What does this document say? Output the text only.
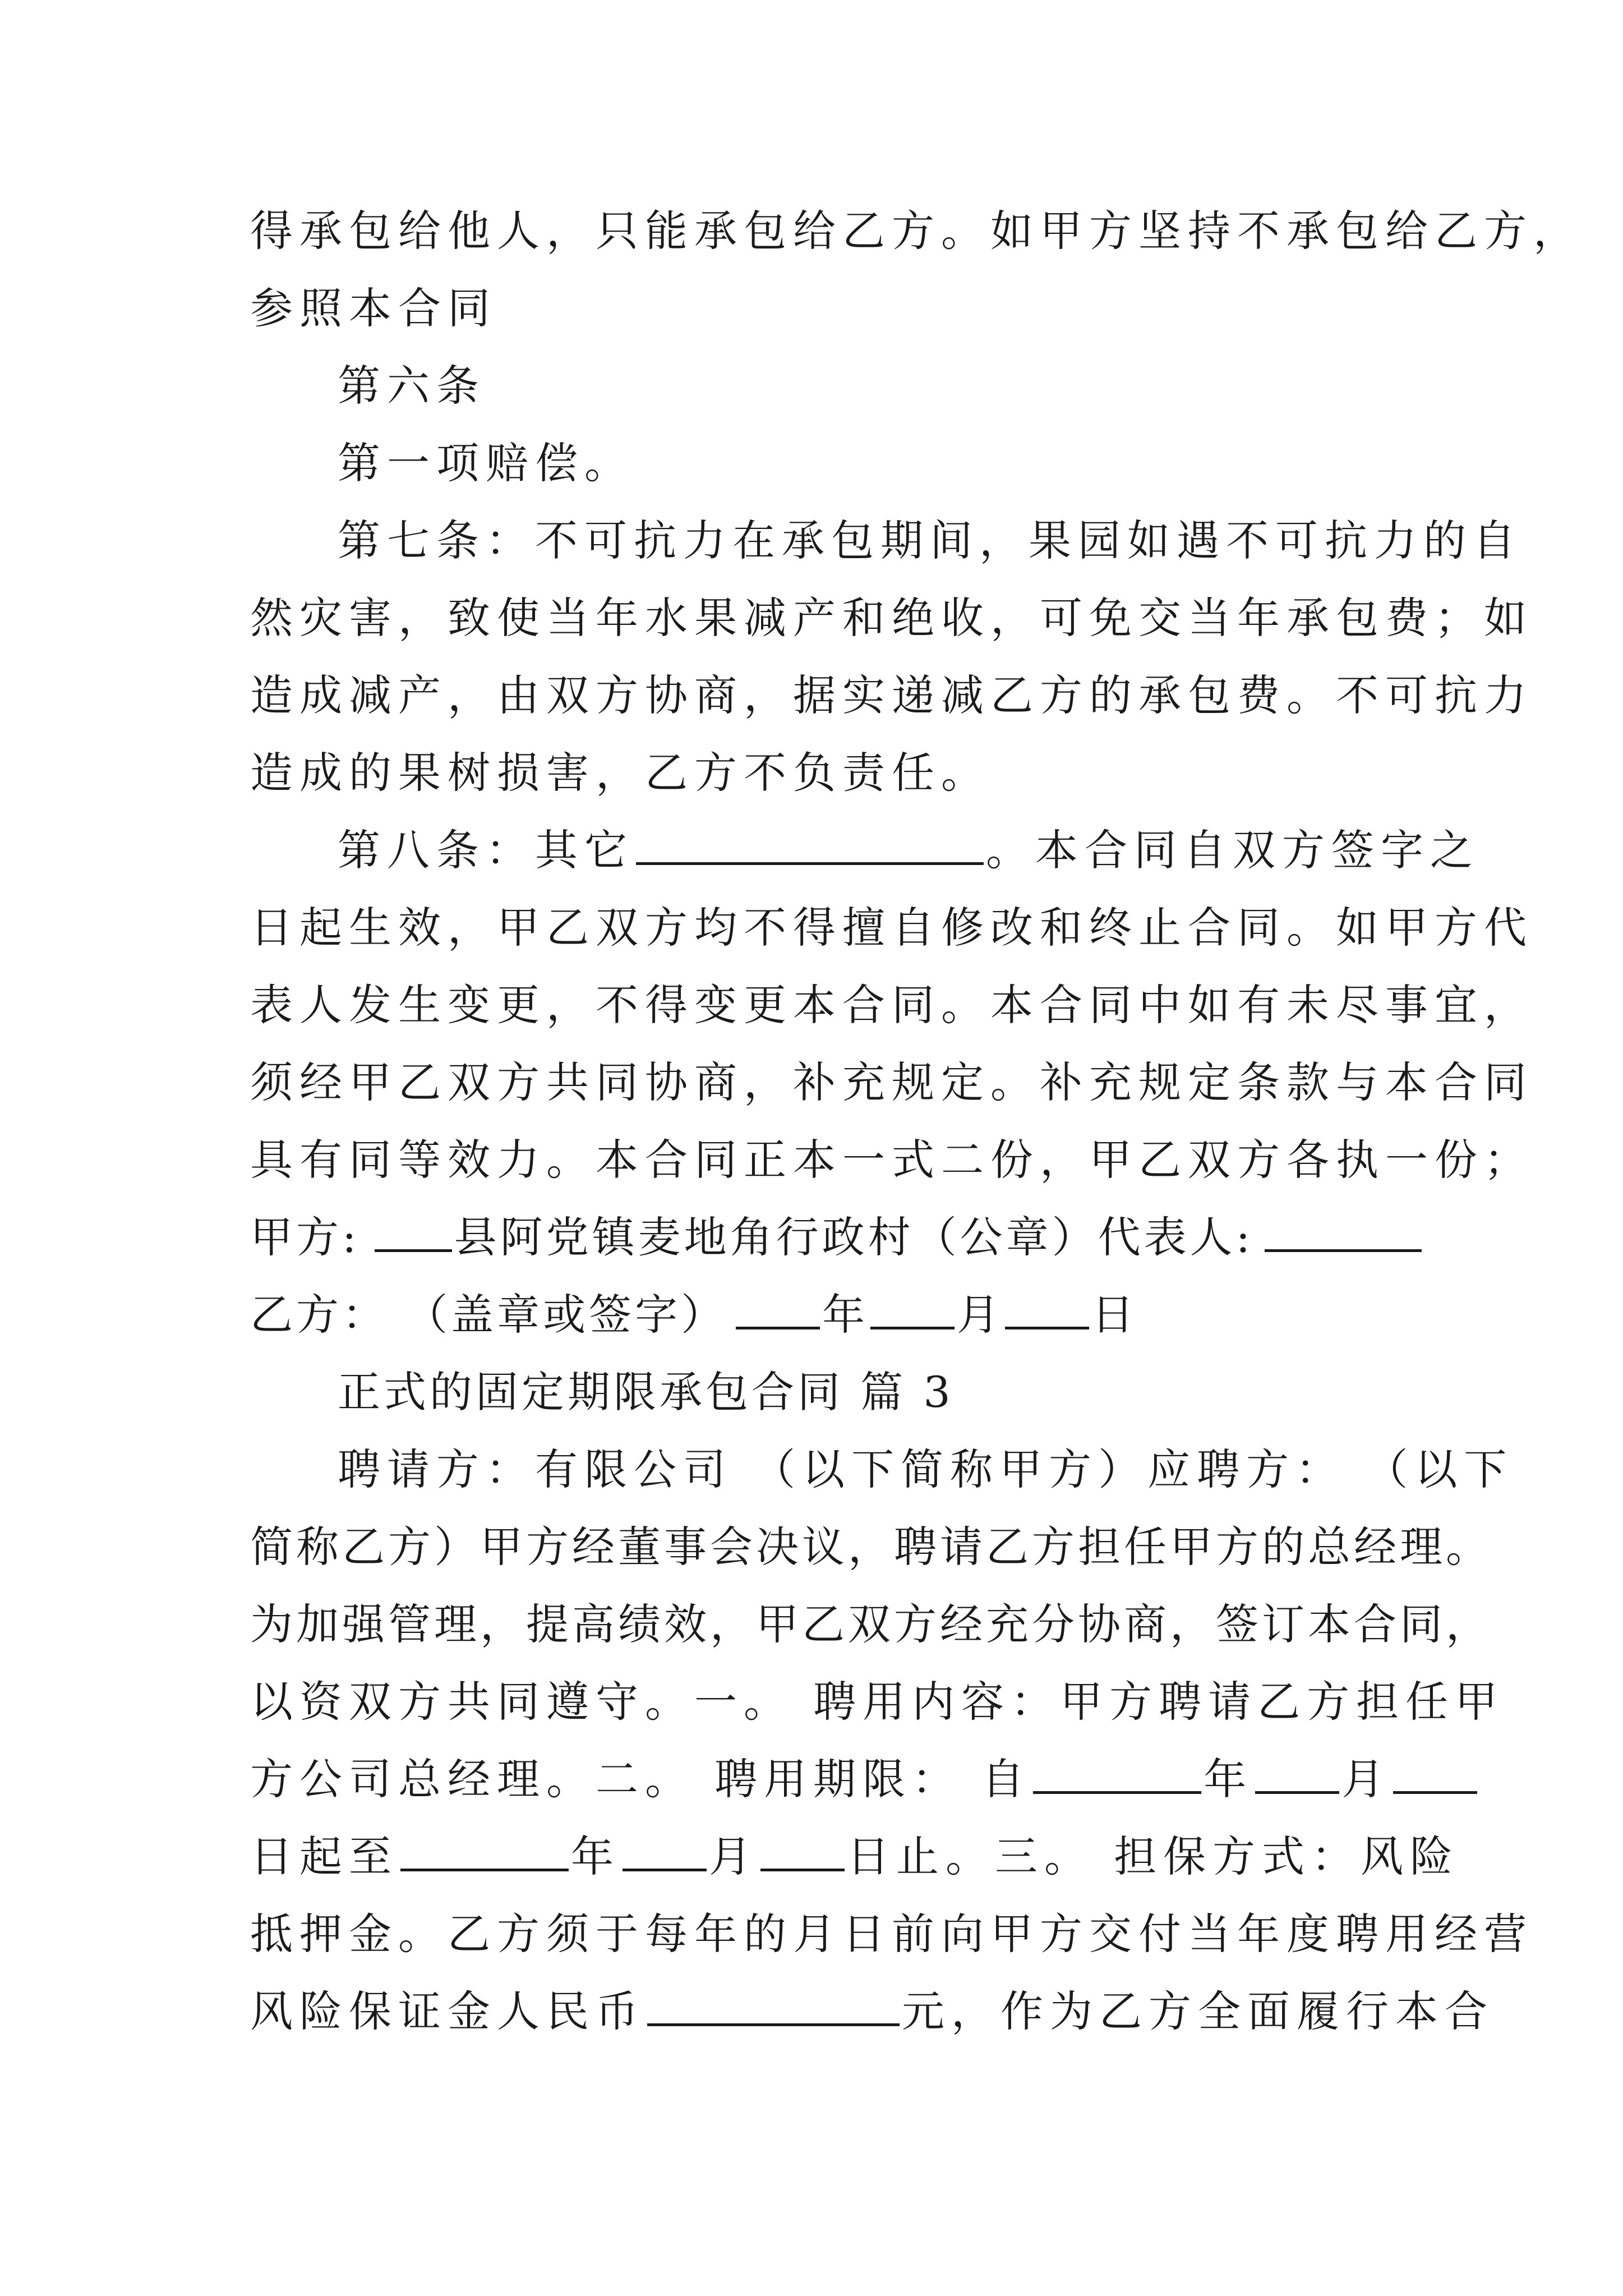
得承包给他人，只能承包给乙方。如甲方坚持不承包给乙方，
参照本合同
第六条
第一项赔偿。
第七条：不可抗力在承包期间，果园如遇不可抗力的自
然灾害，致使当年水果减产和绝收，可免交当年承包费；如
造成减产，由双方协商，据实递减乙方的承包费。不可抗力
造成的果树损害，乙方不负责任。
第八条：其它	。本合同自双方签字之
日起生效，甲乙双方均不得擅自修改和终止合同。如甲方代
表人发生变更，不得变更本合同。本合同中如有未尽事宜，
须经甲乙双方共同协商，补充规定。补充规定条款与本合同
具有同等效力。本合同正本一式二份，甲乙双方各执一份；
甲方: 县阿党镇麦地角行政村（公章）代表人:
乙方： （盖章或签字） 年 月 日
正式的固定期限承包合同 篇 3
聘请方：有限公司 （以下简称甲方）应聘方： （以下
简称乙方）甲方经董事会决议，聘请乙方担任甲方的总经理。
为加强管理，提高绩效，甲乙双方经充分协商，签订本合同，
以资双方共同遵守。一。 聘用内容：甲方聘请乙方担任甲
方公司总经理。二。 聘用期限： 自	年 月
日起至	年 月 日止。三。 担保方式：风险
抵押金。乙方须于每年的月日前向甲方交付当年度聘用经营
风险保证金人民币	元，作为乙方全面履行本合
